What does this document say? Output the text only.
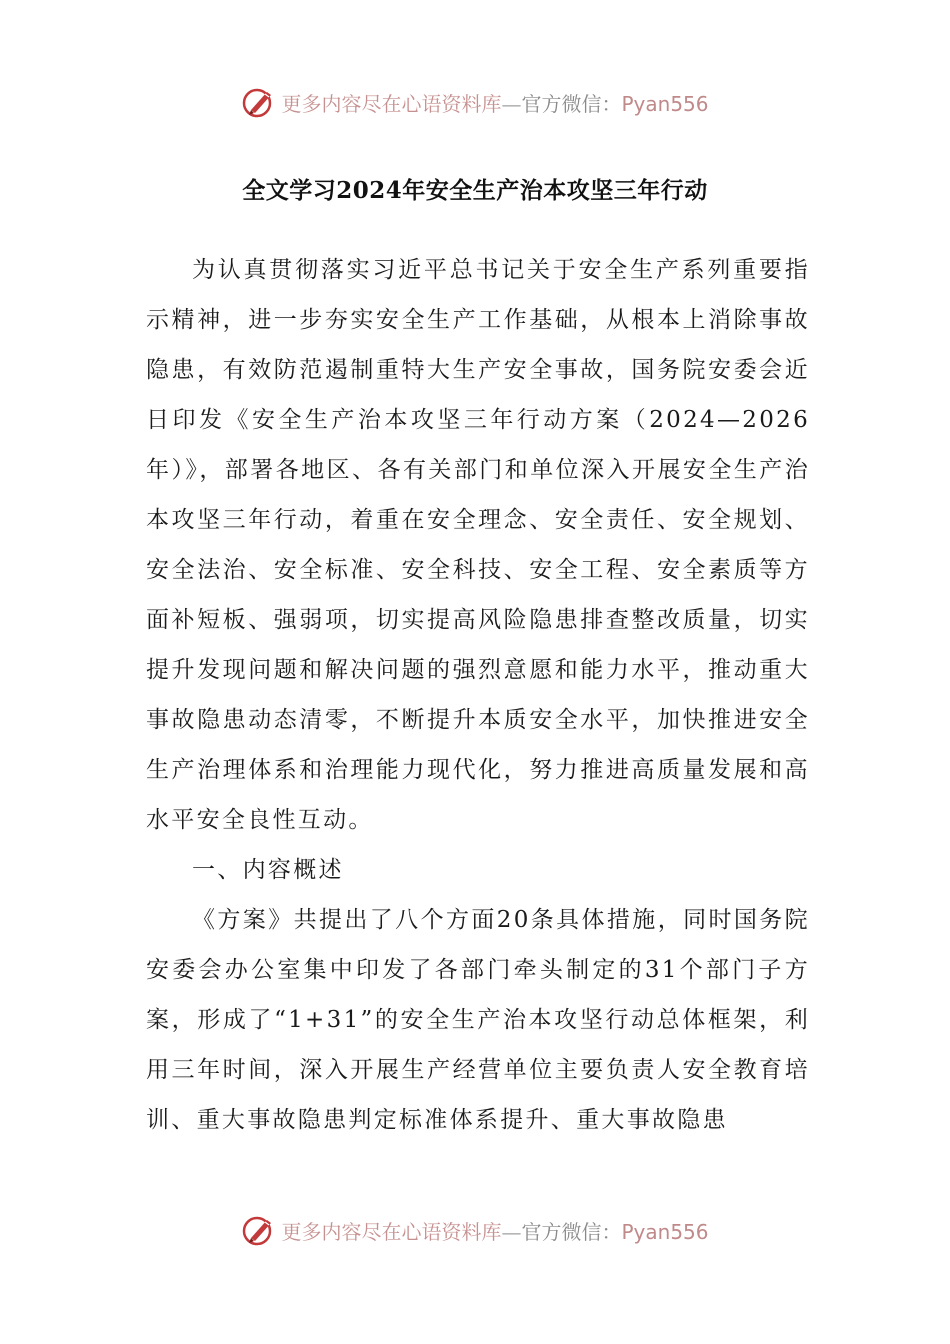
更多内容尽在心语资料库—官方微信：Pyan556
全文学习2024年安全生产治本攻坚三年行动

为认真贯彻落实习近平总书记关于安全生产系列重要指示精神，进一步夯实安全生产工作基础，从根本上消除事故隐患，有效防范遏制重特大生产安全事故，国务院安委会近日印发《安全生产治本攻坚三年行动方案（2024—2026年）》，部署各地区、各有关部门和单位深入开展安全生产治本攻坚三年行动，着重在安全理念、安全责任、安全规划、安全法治、安全标准、安全科技、安全工程、安全素质等方面补短板、强弱项，切实提高风险隐患排查整改质量，切实提升发现问题和解决问题的强烈意愿和能力水平，推动重大事故隐患动态清零，不断提升本质安全水平，加快推进安全生产治理体系和治理能力现代化，努力推进高质量发展和高水平安全良性互动。

一、内容概述

《方案》共提出了八个方面20条具体措施，同时国务院安委会办公室集中印发了各部门牵头制定的31个部门子方案，形成了“1+31”的安全生产治本攻坚行动总体框架，利用三年时间，深入开展生产经营单位主要负责人安全教育培训、重大事故隐患判定标准体系提升、重大事故隐患

更多内容尽在心语资料库—官方微信：Pyan556
